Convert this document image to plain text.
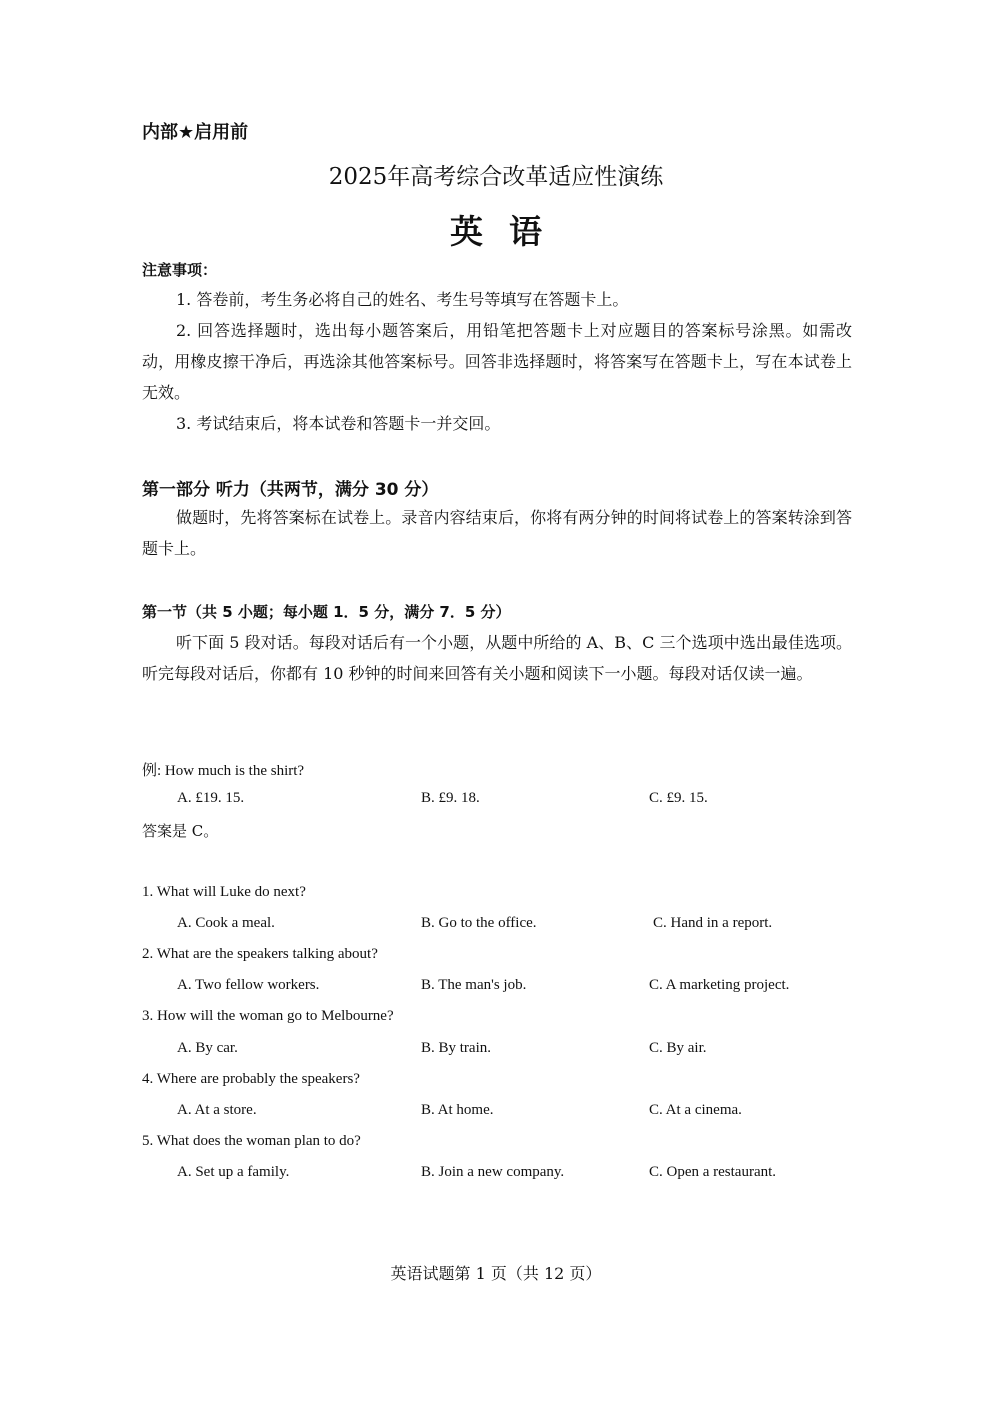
内部★启用前
2025年高考综合改革适应性演练
英语
注意事项：
1. 答卷前，考生务必将自己的姓名、考生号等填写在答题卡上。
2. 回答选择题时，选出每小题答案后，用铅笔把答题卡上对应题目的答案标号涂黑。如需改动，用橡皮擦干净后，再选涂其他答案标号。回答非选择题时，将答案写在答题卡上，写在本试卷上无效。
3. 考试结束后，将本试卷和答题卡一并交回。
第一部分 听力（共两节，满分 30 分）
做题时，先将答案标在试卷上。录音内容结束后，你将有两分钟的时间将试卷上的答案转涂到答题卡上。
第一节（共 5 小题；每小题 1．5 分，满分 7．5 分）
听下面 5 段对话。每段对话后有一个小题，从题中所给的 A、B、C 三个选项中选出最佳选项。听完每段对话后，你都有 10 秒钟的时间来回答有关小题和阅读下一小题。每段对话仅读一遍。
例: How much is the shirt?
A. £19. 15.	B. £9. 18.	C. £9. 15.
答案是 C。
1. What will Luke do next?
A. Cook a meal.	B. Go to the office.	C. Hand in a report.
2. What are the speakers talking about?
A. Two fellow workers.	B. The man's job.	C. A marketing project.
3. How will the woman go to Melbourne?
A. By car.	B. By train.	C. By air.
4. Where are probably the speakers?
A. At a store.	B. At home.	C. At a cinema.
5. What does the woman plan to do?
A. Set up a family.	B. Join a new company.	C. Open a restaurant.
英语试题第 1 页（共 12 页）
